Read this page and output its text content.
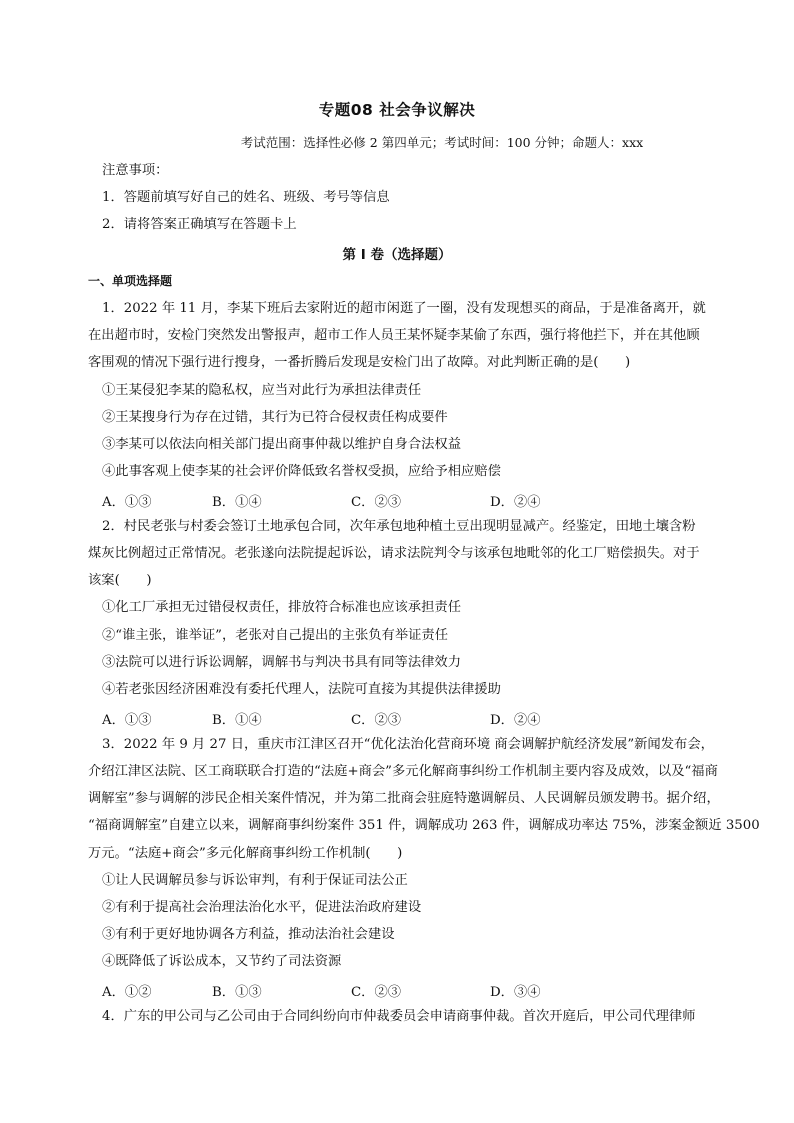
专题08 社会争议解决
考试范围：选择性必修 2 第四单元；考试时间：100 分钟；命题人：xxx
注意事项：
1．答题前填写好自己的姓名、班级、考号等信息
2．请将答案正确填写在答题卡上
第 I 卷（选择题）
一、单项选择题
1．2022 年 11 月，李某下班后去家附近的超市闲逛了一圈，没有发现想买的商品，于是准备离开，就
在出超市时，安检门突然发出警报声，超市工作人员王某怀疑李某偷了东西，强行将他拦下，并在其他顾
客围观的情况下强行进行搜身，一番折腾后发现是安检门出了故障。对此判断正确的是(　　)
①王某侵犯李某的隐私权，应当对此行为承担法律责任
②王某搜身行为存在过错，其行为已符合侵权责任构成要件
③李某可以依法向相关部门提出商事仲裁以维护自身合法权益
④此事客观上使李某的社会评价降低致名誉权受损，应给予相应赔偿
A．①③	B．①④	C．②③	D．②④
2．村民老张与村委会签订土地承包合同，次年承包地种植土豆出现明显减产。经鉴定，田地土壤含粉
煤灰比例超过正常情况。老张遂向法院提起诉讼，请求法院判令与该承包地毗邻的化工厂赔偿损失。对于
该案(　　)
①化工厂承担无过错侵权责任，排放符合标准也应该承担责任
②“谁主张，谁举证”，老张对自己提出的主张负有举证责任
③法院可以进行诉讼调解，调解书与判决书具有同等法律效力
④若老张因经济困难没有委托代理人，法院可直接为其提供法律援助
A．①③	B．①④	C．②③	D．②④
3．2022 年 9 月 27 日，重庆市江津区召开“优化法治化营商环境 商会调解护航经济发展”新闻发布会，
介绍江津区法院、区工商联联合打造的“法庭+商会”多元化解商事纠纷工作机制主要内容及成效，以及“福商
调解室”参与调解的涉民企相关案件情况，并为第二批商会驻庭特邀调解员、人民调解员颁发聘书。据介绍，
“福商调解室”自建立以来，调解商事纠纷案件 351 件，调解成功 263 件，调解成功率达 75%，涉案金额近 3500
万元。“法庭+商会”多元化解商事纠纷工作机制(　　)
①让人民调解员参与诉讼审判，有利于保证司法公正
②有利于提高社会治理法治化水平，促进法治政府建设
③有利于更好地协调各方利益，推动法治社会建设
④既降低了诉讼成本，又节约了司法资源
A．①②	B．①③	C．②③	D．③④
4．广东的甲公司与乙公司由于合同纠纷向市仲裁委员会申请商事仲裁。首次开庭后，甲公司代理律师
